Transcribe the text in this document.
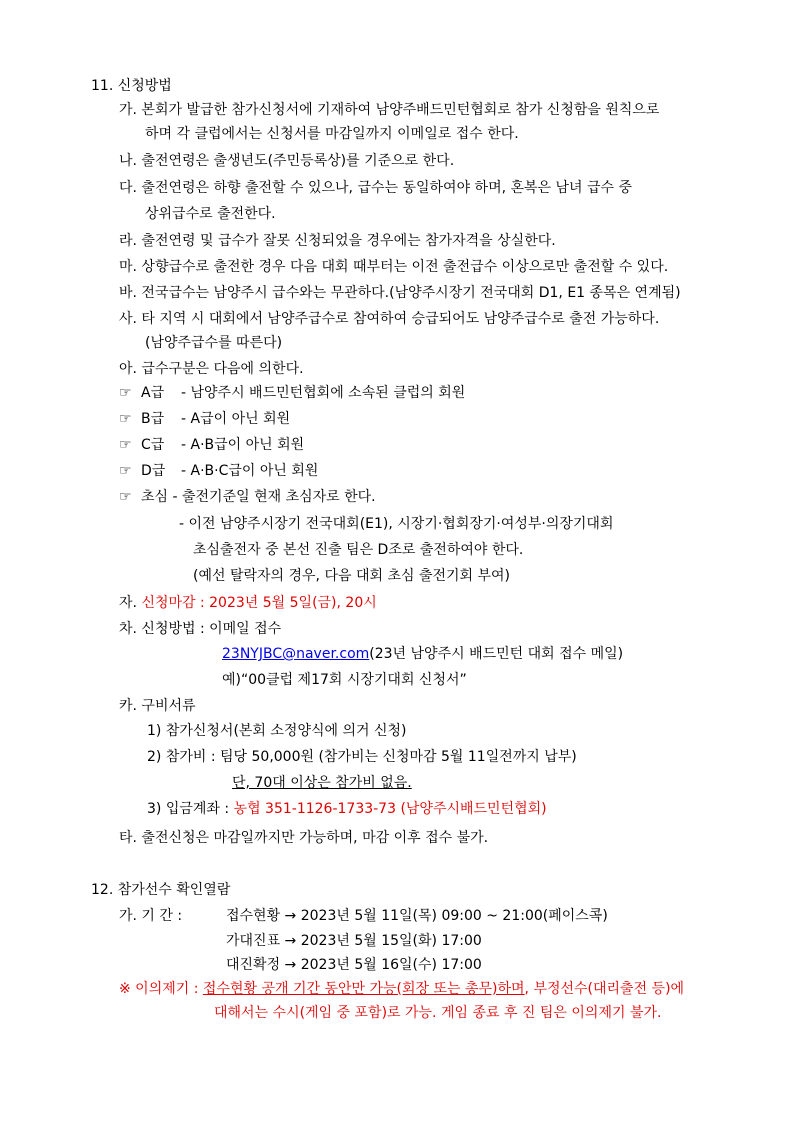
11. 신청방법
가. 본회가 발급한 참가신청서에 기재하여 남양주배드민턴협회로 참가 신청함을 원칙으로
하며 각 클럽에서는 신청서를 마감일까지 이메일로 접수 한다.
나. 출전연령은 출생년도(주민등록상)를 기준으로 한다.
다. 출전연령은 하향 출전할 수 있으나, 급수는 동일하여야 하며, 혼복은 남녀 급수 중
상위급수로 출전한다.
라. 출전연령 및 급수가 잘못 신청되었을 경우에는 참가자격을 상실한다.
마. 상향급수로 출전한 경우 다음 대회 때부터는 이전 출전급수 이상으로만 출전할 수 있다.
바. 전국급수는 남양주시 급수와는 무관하다.(남양주시장기 전국대회 D1, E1 종목은 연계됨)
사. 타 지역 시 대회에서 남양주급수로 참여하여 승급되어도 남양주급수로 출전 가능하다.
(남양주급수를 따른다)
아. 급수구분은 다음에 의한다.
☞ A급 - 남양주시 배드민턴협회에 소속된 클럽의 회원
☞ B급 - A급이 아닌 회원
☞ C급 - A·B급이 아닌 회원
☞ D급 - A·B·C급이 아닌 회원
☞ 초심 - 출전기준일 현재 초심자로 한다.
- 이전 남양주시장기 전국대회(E1), 시장기·협회장기·여성부·의장기대회
초심출전자 중 본선 진출 팀은 D조로 출전하여야 한다.
(예선 탈락자의 경우, 다음 대회 초심 출전기회 부여)
자. 신청마감 : 2023년 5월 5일(금), 20시
차. 신청방법 : 이메일 접수
23NYJBC@naver.com(23년 남양주시 배드민턴 대회 접수 메일)
예)“00클럽 제17회 시장기대회 신청서”
카. 구비서류
1) 참가신청서(본회 소정양식에 의거 신청)
2) 참가비 : 팀당 50,000원 (참가비는 신청마감 5월 11일전까지 납부)
단, 70대 이상은 참가비 없음.
3) 입금계좌 : 농협 351-1126-1733-73 (남양주시배드민턴협회)
타. 출전신청은 마감일까지만 가능하며, 마감 이후 접수 불가.
12. 참가선수 확인열람
가. 기 간 :	접수현황 → 2023년 5월 11일(목) 09:00 ~ 21:00(페이스콕)
가대진표 → 2023년 5월 15일(화) 17:00
대진확정 → 2023년 5월 16일(수) 17:00
※ 이의제기 : 접수현황 공개 기간 동안만 가능(회장 또는 총무)하며, 부정선수(대리출전 등)에
대해서는 수시(게임 중 포함)로 가능. 게임 종료 후 진 팀은 이의제기 불가.
